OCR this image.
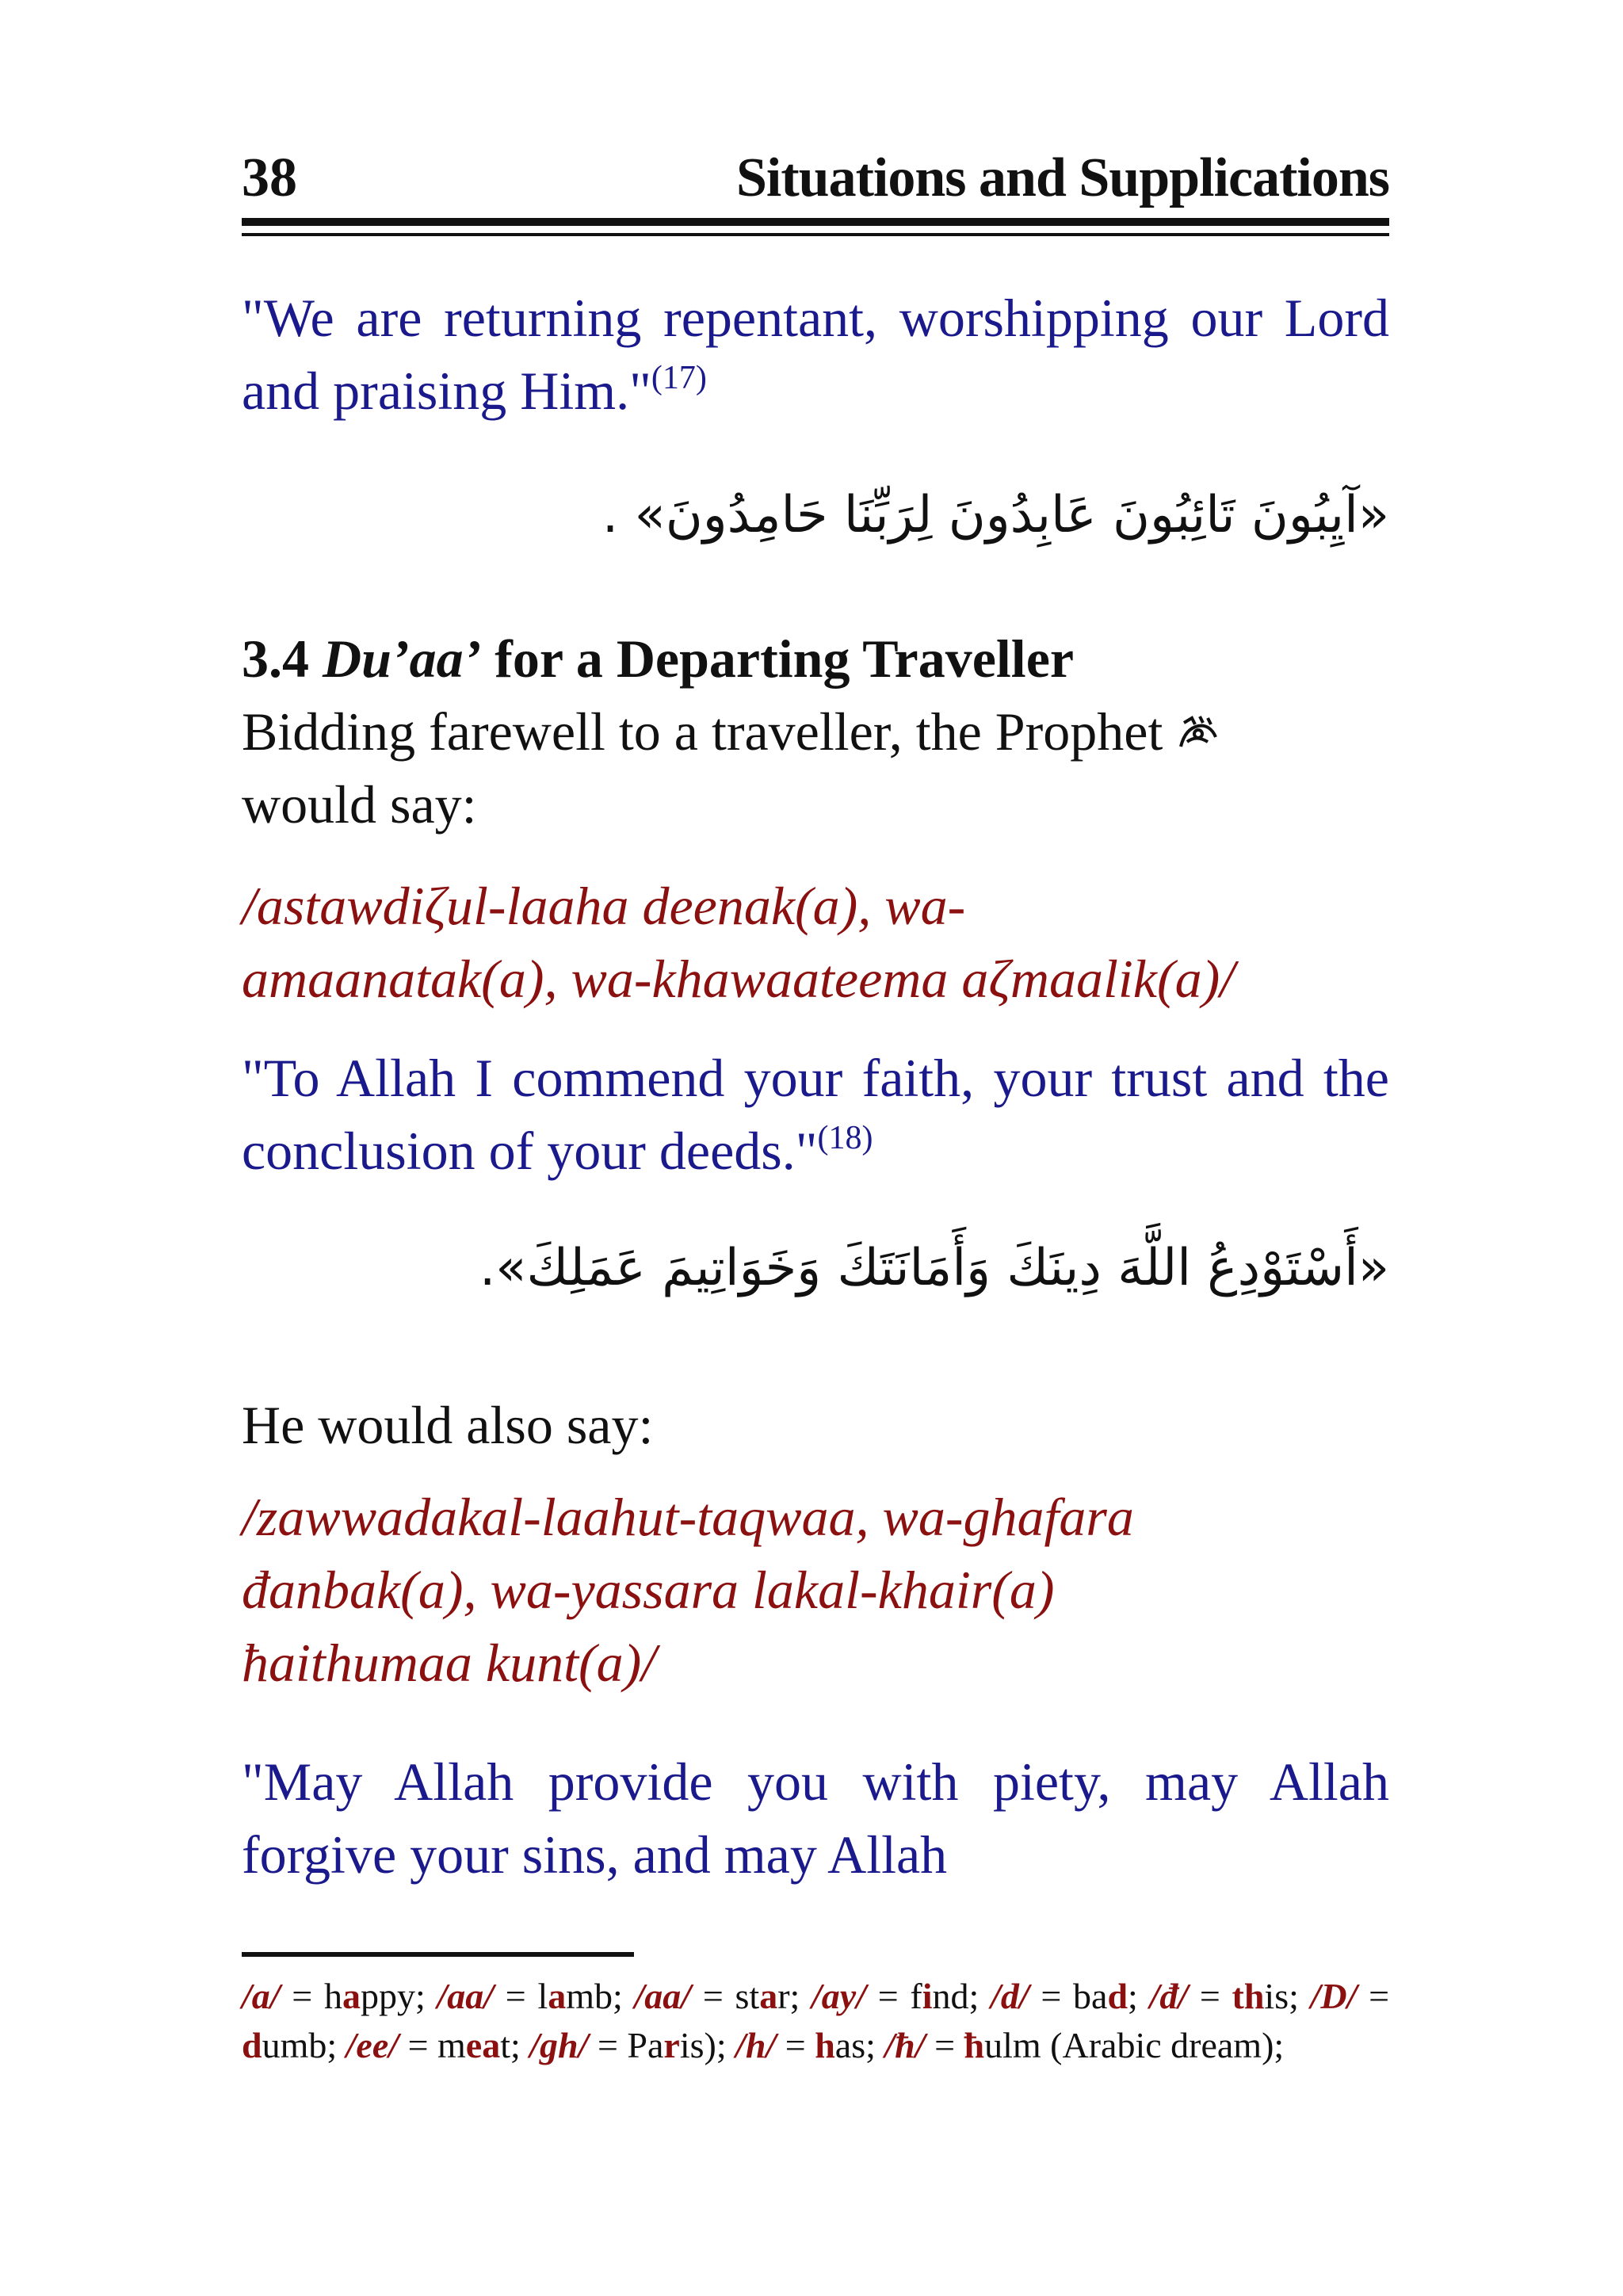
38	Situations and Supplications

"We are returning repentant, worshipping our Lord and praising Him."$^{(17)}$

«آيِبُونَ تَائِبُونَ عَابِدُونَ لِرَبِّنَا حَامِدُونَ» .

3.4 Du’aa’ for a Departing Traveller

Bidding farewell to a traveller, the Prophet
would say:

/astawdiζul-laaha deenak(a), wa-
amaanatak(a), wa-khawaateema aζmaalik(a)/

"To Allah I commend your faith, your trust and the conclusion of your deeds."$^{(18)}$

«أَسْتَوْدِعُ اللَّهَ دِينَكَ وَأَمَانَتَكَ وَخَوَاتِيمَ عَمَلِكَ».

He would also say:

/zawwadakal-laahut-taqwaa, wa-ghafara
đanbak(a), wa-yassara lakal-khair(a)
ħaithumaa kunt(a)/

"May Allah provide you with piety, may Allah forgive your sins, and may Allah

/a/ = happy; /aa/ = lamb; /aa/ = star; /ay/ = find; /d/ = bad; /đ/ = this; /D/ = dumb; /ee/ = meat; /gh/ = Paris); /h/ = has; /ħ/ = ħulm (Arabic dream);
